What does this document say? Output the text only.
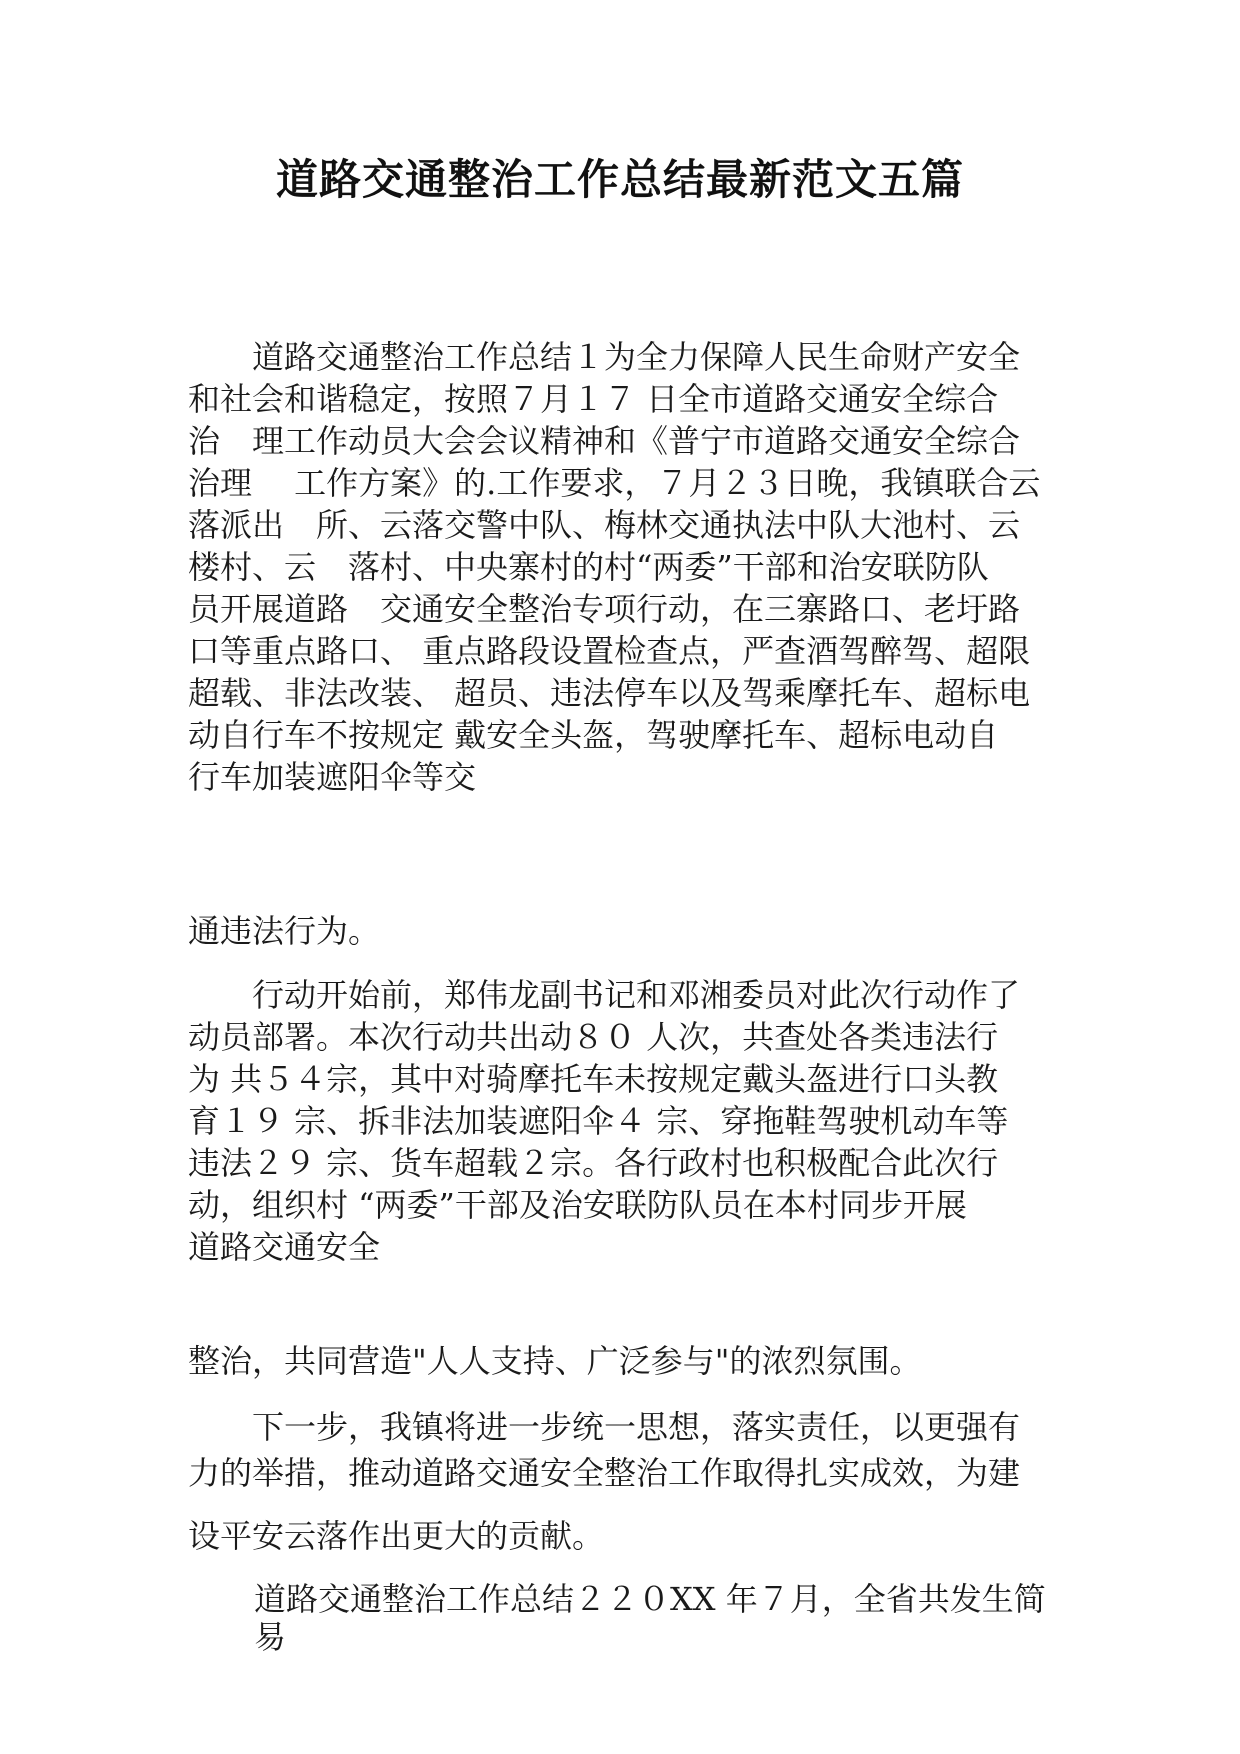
道路交通整治工作总结最新范文五篇

　　道路交通整治工作总结１为全力保障人民生命财产安全
和社会和谐稳定，按照７月１７ 日全市道路交通安全综合
治　理工作动员大会会议精神和《普宁市道路交通安全综合
治理　 工作方案》的.工作要求，７月２３日晚，我镇联合云
落派出　所、云落交警中队、梅林交通执法中队大池村、云
楼村、云　落村、中央寨村的村“两委”干部和治安联防队
员开展道路　交通安全整治专项行动，在三寨路口、老圩路
口等重点路口、 重点路段设置检查点，严查酒驾醉驾、超限
超载、非法改装、 超员、违法停车以及驾乘摩托车、超标电
动自行车不按规定 戴安全头盔，驾驶摩托车、超标电动自
行车加装遮阳伞等交

通违法行为。

　　行动开始前，郑伟龙副书记和邓湘委员对此次行动作了
动员部署。本次行动共出动８０ 人次，共查处各类违法行
为 共５４宗，其中对骑摩托车未按规定戴头盔进行口头教
育１９ 宗、拆非法加装遮阳伞４ 宗、穿拖鞋驾驶机动车等
违法２９ 宗、货车超载２宗。各行政村也积极配合此次行
动，组织村 “两委”干部及治安联防队员在本村同步开展
道路交通安全

整治，共同营造"人人支持、广泛参与"的浓烈氛围。

　　下一步，我镇将进一步统一思想，落实责任，以更强有
力的举措，推动道路交通安全整治工作取得扎实成效，为建

设平安云落作出更大的贡献。

道路交通整治工作总结２２０XX 年７月，全省共发生简
易
